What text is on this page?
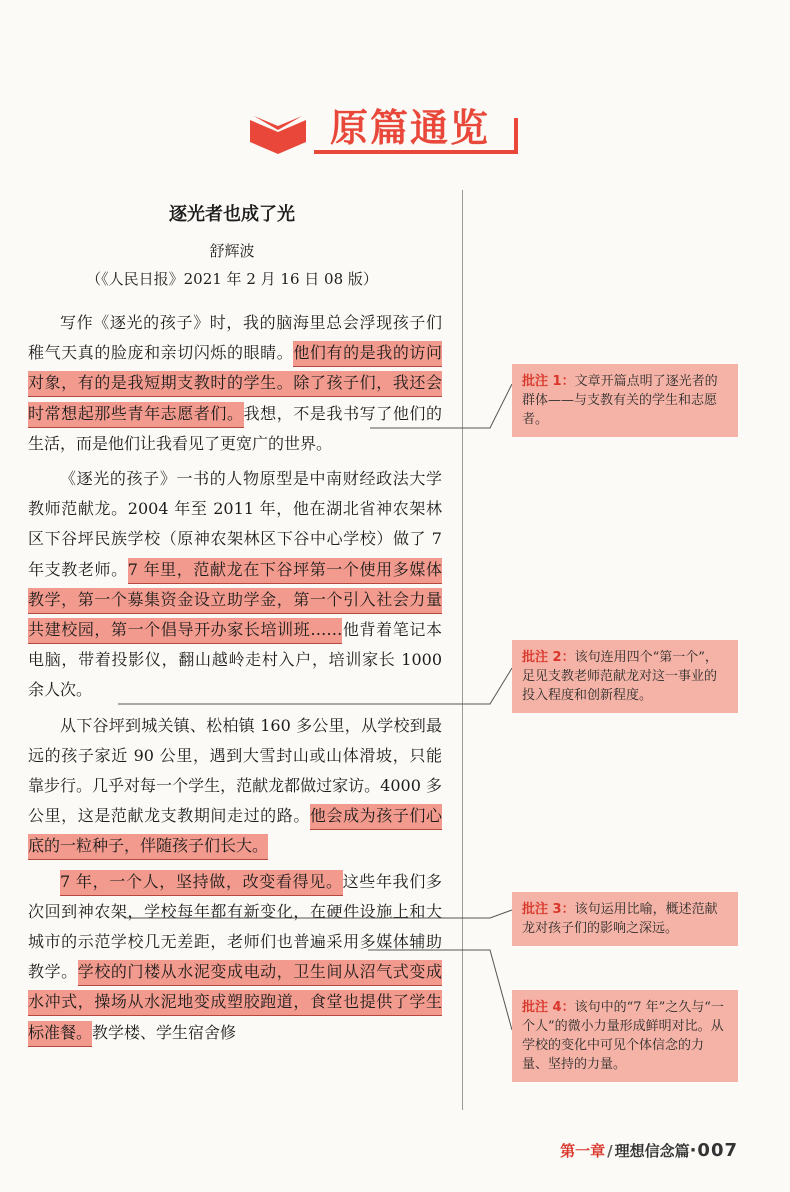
原篇通览
逐光者也成了光
舒辉波
（《人民日报》2021 年 2 月 16 日 08 版）

写作《逐光的孩子》时，我的脑海里总会浮现孩子们稚气天真的脸庞和亲切闪烁的眼睛。他们有的是我的访问对象，有的是我短期支教时的学生。除了孩子们，我还会时常想起那些青年志愿者们。我想，不是我书写了他们的生活，而是他们让我看见了更宽广的世界。

《逐光的孩子》一书的人物原型是中南财经政法大学教师范献龙。2004 年至 2011 年，他在湖北省神农架林区下谷坪民族学校（原神农架林区下谷中心学校）做了 7 年支教老师。7 年里，范献龙在下谷坪第一个使用多媒体教学，第一个募集资金设立助学金，第一个引入社会力量共建校园，第一个倡导开办家长培训班……他背着笔记本电脑，带着投影仪，翻山越岭走村入户，培训家长 1000 余人次。

从下谷坪到城关镇、松柏镇 160 多公里，从学校到最远的孩子家近 90 公里，遇到大雪封山或山体滑坡，只能靠步行。几乎对每一个学生，范献龙都做过家访。4000 多公里，这是范献龙支教期间走过的路。他会成为孩子们心底的一粒种子，伴随孩子们长大。

7 年，一个人，坚持做，改变看得见。这些年我们多次回到神农架，学校每年都有新变化，在硬件设施上和大城市的示范学校几无差距，老师们也普遍采用多媒体辅助教学。学校的门楼从水泥变成电动，卫生间从沼气式变成水冲式，操场从水泥地变成塑胶跑道，食堂也提供了学生标准餐。教学楼、学生宿舍修

批注 1：文章开篇点明了逐光者的群体——与支教有关的学生和志愿者。
批注 2：该句连用四个“第一个”，足见支教老师范献龙对这一事业的投入程度和创新程度。
批注 3：该句运用比喻，概述范献龙对孩子们的影响之深远。
批注 4：该句中的“7 年”之久与“一个人”的微小力量形成鲜明对比。从学校的变化中可见个体信念的力量、坚持的力量。
第一章 / 理想信念篇·007
